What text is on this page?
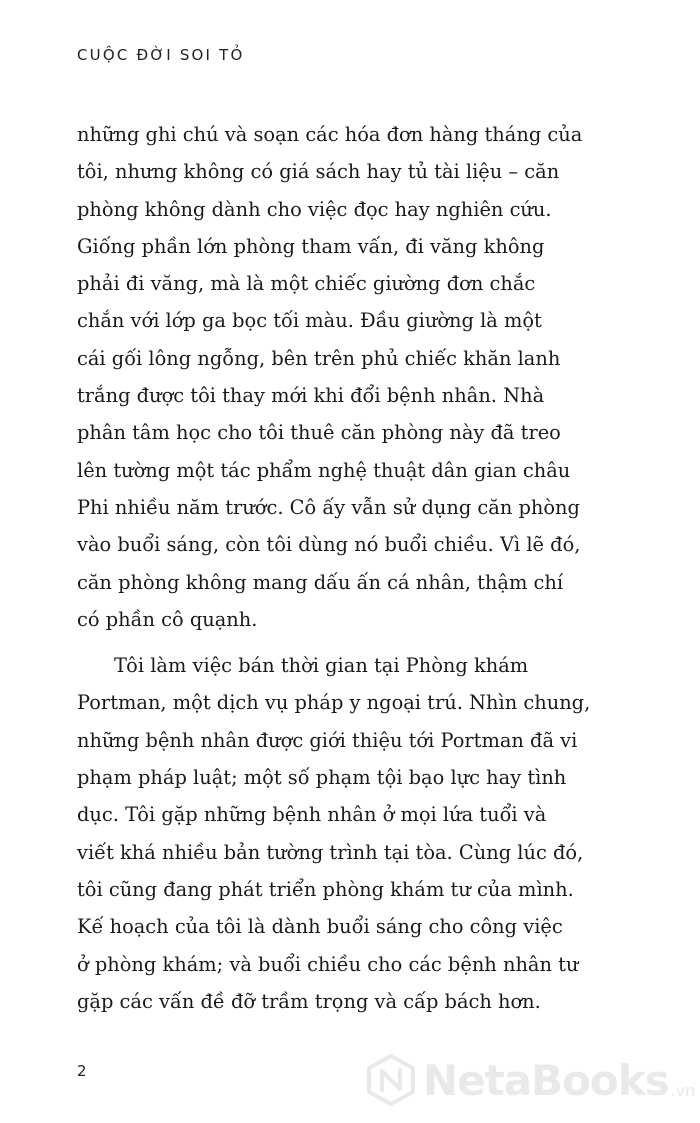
CUỘC ĐỜI SOI TỎ

những ghi chú và soạn các hóa đơn hàng tháng của
tôi, nhưng không có giá sách hay tủ tài liệu – căn
phòng không dành cho việc đọc hay nghiên cứu.
Giống phần lớn phòng tham vấn, đi văng không
phải đi văng, mà là một chiếc giường đơn chắc
chắn với lớp ga bọc tối màu. Đầu giường là một
cái gối lông ngỗng, bên trên phủ chiếc khăn lanh
trắng được tôi thay mới khi đổi bệnh nhân. Nhà
phân tâm học cho tôi thuê căn phòng này đã treo
lên tường một tác phẩm nghệ thuật dân gian châu
Phi nhiều năm trước. Cô ấy vẫn sử dụng căn phòng
vào buổi sáng, còn tôi dùng nó buổi chiều. Vì lẽ đó,
căn phòng không mang dấu ấn cá nhân, thậm chí
có phần cô quạnh.

Tôi làm việc bán thời gian tại Phòng khám
Portman, một dịch vụ pháp y ngoại trú. Nhìn chung,
những bệnh nhân được giới thiệu tới Portman đã vi
phạm pháp luật; một số phạm tội bạo lực hay tình
dục. Tôi gặp những bệnh nhân ở mọi lứa tuổi và
viết khá nhiều bản tường trình tại tòa. Cùng lúc đó,
tôi cũng đang phát triển phòng khám tư của mình.
Kế hoạch của tôi là dành buổi sáng cho công việc
ở phòng khám; và buổi chiều cho các bệnh nhân tư
gặp các vấn đề đỡ trầm trọng và cấp bách hơn.

2	NetaBooks .vn
